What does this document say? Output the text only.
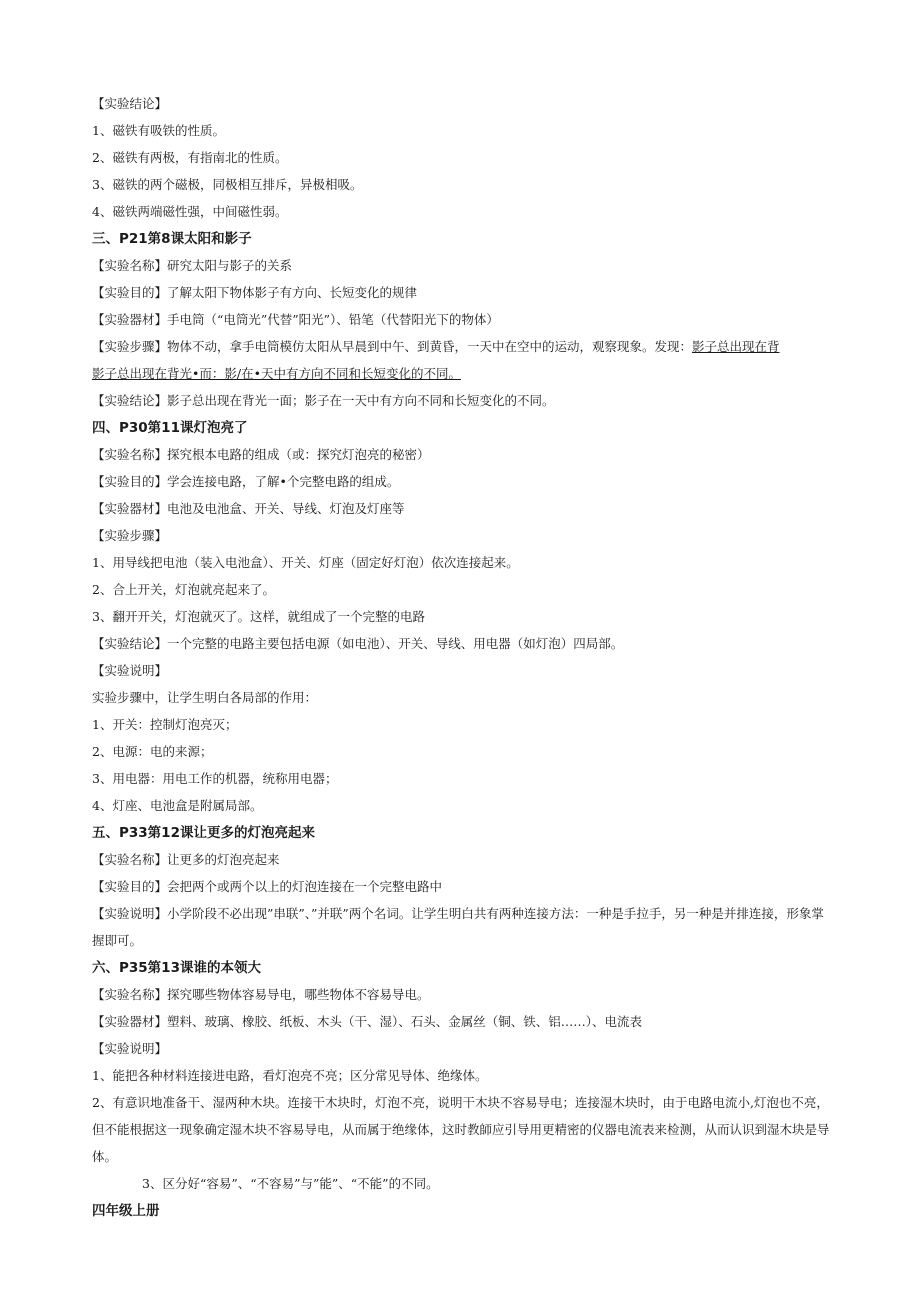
【实验结论】
1、磁铁有吸铁的性质。
2、磁铁有两极，有指南北的性质。
3、磁铁的两个磁极，同极相互排斥，异极相吸。
4、磁铁两端磁性强，中间磁性弱。
三、P21第8课太阳和影子
【实验名称】研究太阳与影子的关系
【实验目的】了解太阳下物体影子有方向、长短变化的规律
【实验器材】手电筒（“电筒光”代替”阳光”）、铅笔（代替阳光下的物体）
【实验步骤】物体不动，拿手电筒模仿太阳从早晨到中午、到黄昏，一天中在空中的运动，观察现象。发现：影子总出现在背
影子总出现在背光•而：影/在•天中有方向不同和长短变化的不同。
【实验结论】影子总出现在背光一面；影子在一天中有方向不同和长短变化的不同。
四、P30第11课灯泡亮了
【实验名称】探究根本电路的组成（或：探究灯泡亮的秘密）
【实验目的】学会连接电路，了解•个完整电路的组成。
【实验器材】电池及电池盒、开关、导线、灯泡及灯座等
【实验步骤】
1、用导线把电池（装入电池盒）、开关、灯座（固定好灯泡）依次连接起来。
2、合上开关，灯泡就亮起来了。
3、翻开开关，灯泡就灭了。这样，就组成了一个完整的电路
【实验结论】一个完整的电路主要包括电源（如电池）、开关、导线、用电器（如灯泡）四局部。
【实验说明】
实验步骤中，让学生明白各局部的作用：
1、开关：控制灯泡亮灭；
2、电源：电的来源；
3、用电器：用电工作的机器，统称用电器；
4、灯座、电池盒是附属局部。
五、P33第12课让更多的灯泡亮起来
【实验名称】让更多的灯泡亮起来
【实验目的】会把两个或两个以上的灯泡连接在一个完整电路中
【实验说明】小学阶段不必出现”串联”、”并联”两个名词。让学生明白共有两种连接方法：一种是手拉手，另一种是并排连接，形象掌握即可。
六、P35第13课谁的本领大
【实验名称】探究哪些物体容易导电，哪些物体不容易导电。
【实验器材】塑料、玻璃、橡胶、纸板、木头（干、湿）、石头、金属丝（铜、铁、铝……）、电流表
【实验说明】
1、能把各种材料连接进电路，看灯泡亮不亮；区分常见导体、绝缘体。
2、有意识地准备干、湿两种木块。连接干木块时，灯泡不亮，说明干木块不容易导电；连接湿木块时，由于电路电流小,灯泡也不亮，但不能根据这一现象确定湿木块不容易导电，从而属于绝缘体，这时教師应引导用更精密的仪器电流表来检测，从而认识到湿木块是导体。
3、区分好“容易”、“不容易”与”能”、“不能”的不同。
四年级上册
